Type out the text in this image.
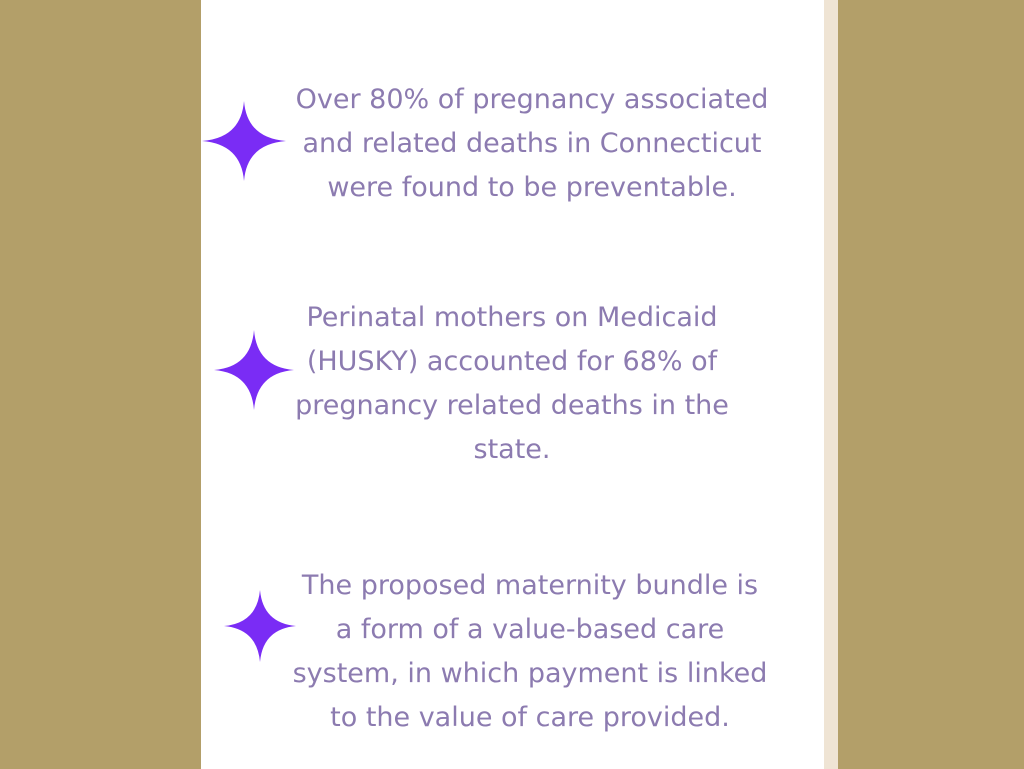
Over 80% of pregnancy associated
and related deaths in Connecticut
were found to be preventable.
Perinatal mothers on Medicaid
(HUSKY) accounted for 68% of
pregnancy related deaths in the
state.
The proposed maternity bundle is
a form of a value-based care
system, in which payment is linked
to the value of care provided.
